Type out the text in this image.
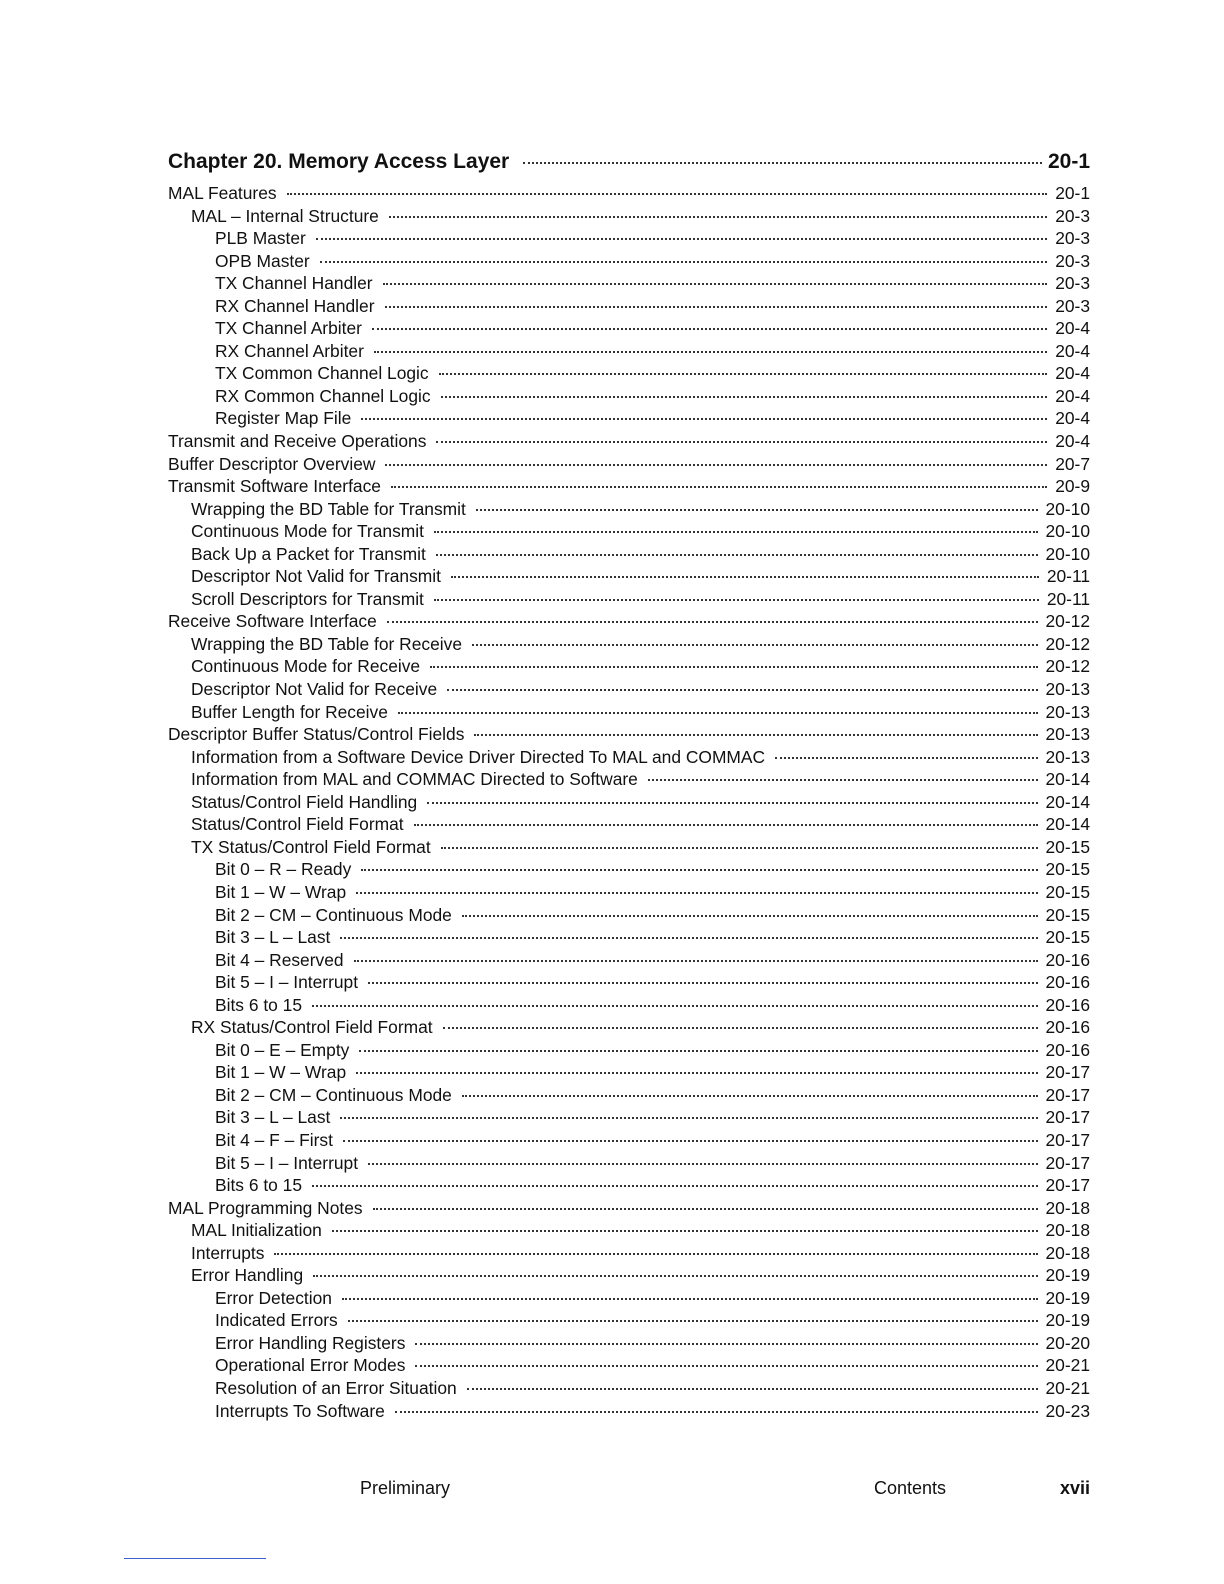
Chapter 20. Memory Access Layer	20-1
MAL Features	20-1
MAL – Internal Structure	20-3
PLB Master	20-3
OPB Master	20-3
TX Channel Handler	20-3
RX Channel Handler	20-3
TX Channel Arbiter	20-4
RX Channel Arbiter	20-4
TX Common Channel Logic	20-4
RX Common Channel Logic	20-4
Register Map File	20-4
Transmit and Receive Operations	20-4
Buffer Descriptor Overview	20-7
Transmit Software Interface	20-9
Wrapping the BD Table for Transmit	20-10
Continuous Mode for Transmit	20-10
Back Up a Packet for Transmit	20-10
Descriptor Not Valid for Transmit	20-11
Scroll Descriptors for Transmit	20-11
Receive Software Interface	20-12
Wrapping the BD Table for Receive	20-12
Continuous Mode for Receive	20-12
Descriptor Not Valid for Receive	20-13
Buffer Length for Receive	20-13
Descriptor Buffer Status/Control Fields	20-13
Information from a Software Device Driver Directed To MAL and COMMAC	20-13
Information from MAL and COMMAC Directed to Software	20-14
Status/Control Field Handling	20-14
Status/Control Field Format	20-14
TX Status/Control Field Format	20-15
Bit 0 – R – Ready	20-15
Bit 1 – W – Wrap	20-15
Bit 2 – CM – Continuous Mode	20-15
Bit 3 – L – Last	20-15
Bit 4 – Reserved	20-16
Bit 5 – I – Interrupt	20-16
Bits 6 to 15	20-16
RX Status/Control Field Format	20-16
Bit 0 – E – Empty	20-16
Bit 1 – W – Wrap	20-17
Bit 2 – CM – Continuous Mode	20-17
Bit 3 – L – Last	20-17
Bit 4 – F – First	20-17
Bit 5 – I – Interrupt	20-17
Bits 6 to 15	20-17
MAL Programming Notes	20-18
MAL Initialization	20-18
Interrupts	20-18
Error Handling	20-19
Error Detection	20-19
Indicated Errors	20-19
Error Handling Registers	20-20
Operational Error Modes	20-21
Resolution of an Error Situation	20-21
Interrupts To Software	20-23
Preliminary	Contents	xvii
